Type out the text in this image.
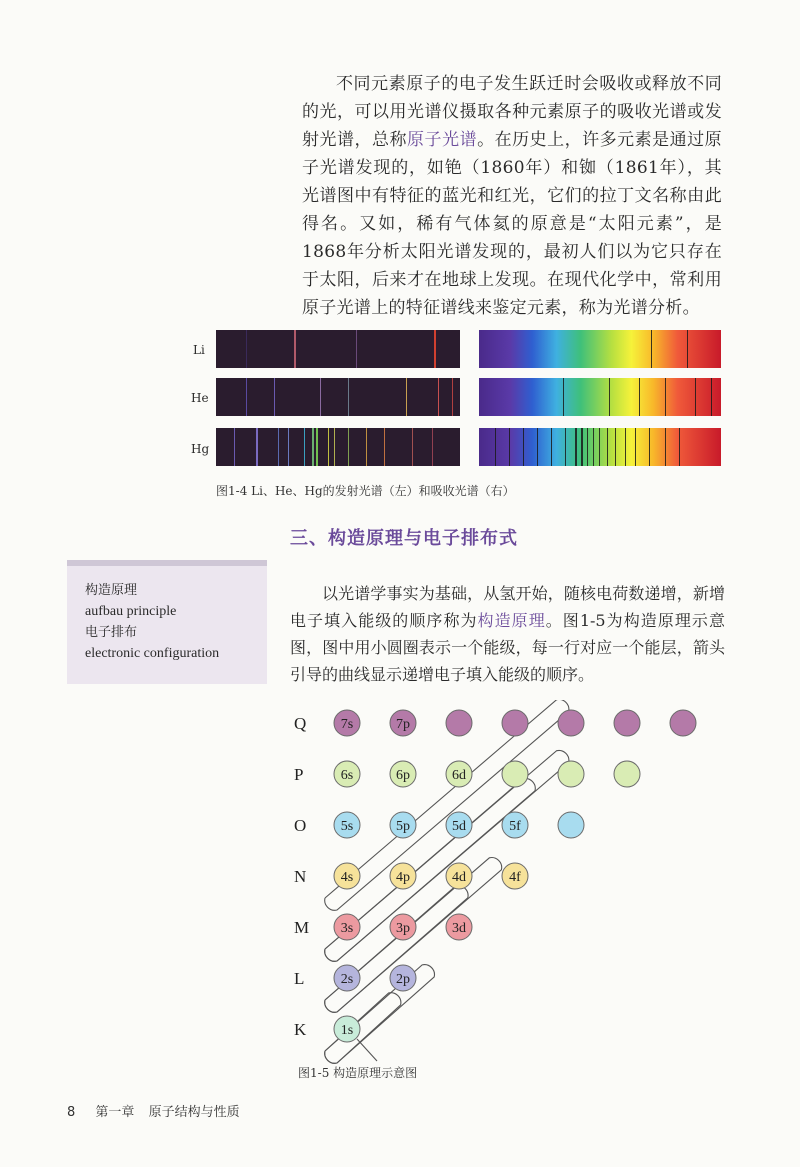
不同元素原子的电子发生跃迁时会吸收或释放不同的光，可以用光谱仪摄取各种元素原子的吸收光谱或发射光谱，总称原子光谱。在历史上，许多元素是通过原子光谱发现的，如铯（1860年）和铷（1861年），其光谱图中有特征的蓝光和红光，它们的拉丁文名称由此得名。又如，稀有气体氦的原意是“太阳元素”，是1868年分析太阳光谱发现的，最初人们以为它只存在于太阳，后来才在地球上发现。在现代化学中，常利用原子光谱上的特征谱线来鉴定元素，称为光谱分析。
Li
He
Hg
图1-4 Li、He、Hg的发射光谱（左）和吸收光谱（右）
三、构造原理与电子排布式
构造原理
aufbau principle
电子排布
electronic configuration
以光谱学事实为基础，从氢开始，随核电荷数递增，新增电子填入能级的顺序称为构造原理。图1-5为构造原理示意图，图中用小圆圈表示一个能级，每一行对应一个能层，箭头引导的曲线显示递增电子填入能级的顺序。
Q 7s	7p
P	6s	6p	6d
O 5s	5p	5d	5f
N 4s	4p	4d	4f
M 3s	3p	3d
L	2s	2p
K 1s
图1-5 构造原理示意图
8 第一章 原子结构与性质
